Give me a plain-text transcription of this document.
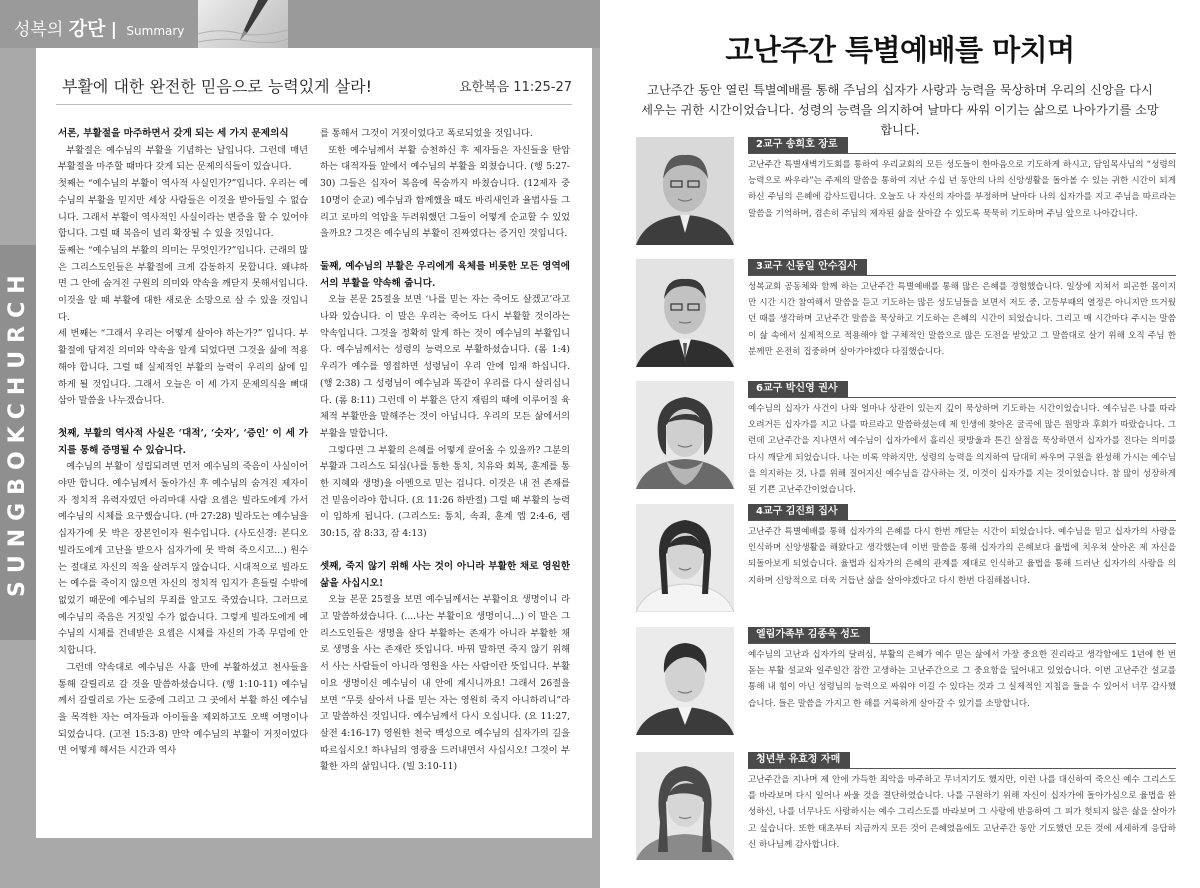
성복의 강단 | Summary
SUNGBOKCHURCH
부활에 대한 완전한 믿음으로 능력있게 살라!	요한복음 11:25-27
서론, 부활절을 마주하면서 갖게 되는 세 가지 문제의식

부활절은 예수님의 부활을 기념하는 날입니다. 그런데 매년 부활절을 마주할 때마다 갖게 되는 문제의식들이 있습니다.

첫째는 “예수님의 부활이 역사적 사실인가?”입니다. 우리는 예수님의 부활을 믿지만 세상 사람들은 이것을 받아들일 수 없습니다. 그래서 부활이 역사적인 사실이라는 변증을 할 수 있어야 합니다. 그럴 때 복음이 널리 확장될 수 있을 것입니다.

둘째는 “예수님의 부활의 의미는 무엇인가?”입니다. 근래의 많은 그리스도인들은 부활절에 크게 감동하지 못합니다. 왜냐하면 그 안에 숨겨진 구원의 의미와 약속을 깨닫지 못해서입니다. 이것을 알 때 부활에 대한 새로운 소망으로 살 수 있을 것입니다.

세 번째는 “그래서 우리는 어떻게 살아야 하는가?” 입니다. 부활절에 답져진 의미와 약속을 알게 되었다면 그것을 삶에 적용해야 합니다. 그럴 때 실제적인 부활의 능력이 우리의 삶에 임하게 될 것입니다. 그래서 오늘은 이 세 가지 문제의식을 뼈대 삼아 말씀을 나누겠습니다.

첫째, 부활의 역사적 사실은 ‘대적’, ‘숫자’, ‘증인’ 이 세 가지를 통해 증명될 수 있습니다.

예수님의 부활이 성립되려면 먼저 예수님의 죽음이 사실이어야만 합니다. 예수님께서 돌아가신 후 예수님의 숨겨진 제자이자 정치적 유력자였던 아리마대 사람 요셉은 빌라도에게 가서 예수님의 시체를 요구했습니다. (마 27:28) 빌라도는 예수님을 십자가에 못 박은 장본인이자 원수입니다. (사도신경: 본디오 빌라도에게 고난을 받으사 십자가에 못 박혀 죽으시고...) 원수는 절대로 자신의 적을 살려두지 않습니다. 시대적으로 빌라도는 예수를 죽이지 않으면 자신의 정치적 입지가 흔들릴 수밖에 없었기 때문에 예수님의 무죄를 알고도 죽였습니다. 그러므로 예수님의 죽음은 거짓일 수가 없습니다. 그렇게 빌라도에게 예수님의 시체를 건네받은 요셉은 시체를 자신의 가족 무덤에 안치합니다.

그런데 약속대로 예수님은 사흘 만에 부활하셨고 천사들을 통해 갈릴리로 갈 것을 말씀하셨습니다. (행 1:10-11) 예수님께서 갈릴리로 가는 도중에 그리고 그 곳에서 부활 하신 예수님을 목격한 자는 여자들과 아이들을 제외하고도 오백 여명이나 되었습니다. (고전 15:3-8) 만약 예수님의 부활이 거짓이었다면 어떻게 해서든 시간과 역사

를 통해서 그것이 거짓이었다고 폭로되었을 것입니다.

또한 예수님께서 부활 승천하신 후 제자들은 자신들을 탄압하는 대적자들 앞에서 예수님의 부활을 외쳤습니다. (행 5:27-30) 그들은 십자어 복음에 목숨까지 바쳤습니다. (12제자 중 10명이 순교) 예수님과 함께했을 때도 바리새인과 율법사들 그리고 로마의 억압을 두려워했던 그들이 어떻게 순교할 수 있었을까요? 그것은 예수님의 부활이 진짜였다는 증거인 것입니다.

둘째, 예수님의 부활은 우리에게 육체를 비롯한 모든 영역에서의 부활을 약속해 줍니다.

오늘 본문 25절을 보면 ‘나를 믿는 자는 죽어도 살겠고’라고 나와 있습니다. 이 말은 우리는 죽어도 다시 부활할 것이라는 약속입니다. 그것을 정확히 알게 하는 것이 예수님의 부활입니다. 예수님께서는 성령의 능력으로 부활하셨습니다. (롬 1:4) 우리가 예수를 영접하면 성령님이 우리 안에 임재 하십니다. (행 2:38) 그 성령님이 예수님과 똑같이 우리를 다시 살리십니다. (롬 8:11) 그런데 이 부활은 단지 재림의 때에 이루어질 육체적 부활만을 말해주는 것이 아닙니다. 우리의 모든 삶에서의 부활을 말합니다.

그렇다면 그 부활의 은혜를 어떻게 끌어올 수 있을까? 그분의 부활과 그리스도 되심(나를 통한 통치, 치유와 회복, 훈계를 통한 지혜와 생명)을 아멘으로 믿는 겁니다. 이것은 내 전 존재를 건 믿음이라야 합니다. (요 11:26 하반절) 그럴 때 부활의 능력이 임하게 됩니다. (그리스도: 통치, 속죄, 훈계 엡 2:4-6, 렘 30:15, 잠 8:33, 잠 4:13)

셋째, 죽지 않기 위해 사는 것이 아니라 부활한 채로 영원한 삶을 사십시오!

오늘 본문 25절을 보면 예수님께서는 부활이요 생명이니 라고 말씀하셨습니다. (....나는 부활이요 생명이니...) 이 말은 그리스도인들은 생명을 살다 부활하는 존재가 아니라 부활한 채로 생명을 사는 존재란 뜻입니다. 바꿔 말하면 죽지 않기 위해서 사는 사람들이 아니라 영원을 사는 사람이란 뜻입니다. 부활이요 생명이신 예수님이 내 안에 계시니까요! 그래서 26절을 보면 “무릇 살아서 나를 믿는 자는 영원히 죽지 아니하리니”라고 말씀하신 것입니다. 예수님께서 다시 오십니다. (요 11:27, 살전 4:16-17) 영원한 천국 백성으로 예수님의 십자가의 길을 따르십시오! 하나님의 영광을 드러내면서 사십시오! 그것이 부활한 자의 삶입니다. (빌 3:10-11)

고난주간 특별예배를 마치며
고난주간 동안 열린 특별예배를 통해 주님의 십자가 사랑과 능력을 묵상하며 우리의 신앙을 다시 세우는 귀한 시간이었습니다. 성령의 능력을 의지하여 날마다 싸워 이기는 삶으로 나아가기를 소망합니다.
2교구 송희호 장로
고난주간 특별새벽기도회를 통하여 우리교회의 모든 성도들이 한마음으로 기도하게 하시고, 담임목사님의 “성령의 능력으로 싸우라”는 주제의 말씀을 통하여 지난 수십 년 동안의 나의 신앙생활을 돌아볼 수 있는 귀한 시간이 되게 하신 주님의 은혜에 감사드립니다. 오늘도 나 자신의 자아를 부정하며 날마다 나의 십자가를 지고 주님을 따르라는 말씀을 기억하며, 겸손히 주님의 제자된 삶을 살아갈 수 있도록 묵묵히 기도하며 주님 앞으로 나아갑니다.
3교구 신동일 안수집사
성복교회 공동체와 함께 하는 고난주간 특별예배를 통해 많은 은혜를 경험했습니다. 일상에 지쳐서 피곤한 몸이지만 시간 시간 참여해서 말씀을 듣고 기도하는 많은 성도님들을 보면서 저도 중, 고등부때의 열정은 아니지만 뜨거웠던 때를 생각하며 고난주간 말씀을 묵상하고 기도하는 은혜의 시간이 되었습니다. 그리고 매 시간마다 주시는 말씀이 삶 속에서 실제적으로 적용해야 할 구체적인 말씀으로 많은 도전을 받았고 그 말씀대로 살기 위해 오직 주님 한 분께만 온전히 집중하며 살아가야겠다 다짐했습니다.
6교구 박신영 권사
예수님의 십자가 사건이 나와 얼마나 상관이 있는지 깊이 묵상하며 기도하는 시간이었습니다. 예수님은 나를 따라오려거든 십자가를 지고 나를 따르라고 말씀하셨는데 제 인생에 찾아온 굴곡에 많은 원망과 후회가 따랐습니다. 그런데 고난주간을 지나면서 예수님이 십자가에서 흘리신 핏방울과 튼긴 살점을 묵상하면서 십자가를 진다는 의미를 다시 깨닫게 되었습니다. 나는 비록 약하지만, 성령의 능력을 의지하여 담대히 싸우며 구원을 완성해 가시는 예수님을 의지하는 것, 나를 위해 질어지신 예수님을 감사하는 것, 이것이 십자가를 지는 것이었습니다. 참 많이 성장하게 된 기쁜 고난주간이었습니다.
4교구 김진희 집사
고난주간 특별예배를 통해 십자가의 은혜를 다시 한번 깨닫는 시간이 되었습니다. 예수님을 믿고 십자가의 사랑을 인식하며 신앙생활을 해왔다고 생각했는데 이번 말씀을 통해 십자가의 은혜보다 율법에 치우쳐 살아온 제 자신을 되돌아보게 되었습니다. 율법과 십자가의 은혜의 관계를 제대로 인식하고 율법을 통해 드러난 십자가의 사랑을 의지하며 신앙적으로 더욱 거듭난 삶을 살아야겠다고 다시 한번 다짐해봅니다.
엘림가족부 김종욱 성도
예수님의 고난과 십자가의 달려심, 부활의 은혜가 예수 믿는 삶에서 가장 중요한 진리라고 생각함에도 1년에 한 번 돋는 부활 설교와 일주일간 잠깐 고생하는 고난주간으로 그 중요함을 덮어내고 있었습니다. 이번 고난주간 설교를 통해 내 힘이 아닌 성령님의 능력으로 싸워야 이길 수 있다는 것과 그 실제적인 지침을 들을 수 있어서 너무 감사했습니다. 들은 말씀을 가지고 한 해를 거룩하게 살아갈 수 있기를 소망합니다.
청년부 유효정 자매
고난주간을 지나며 제 안에 가득한 죄악을 마주하고 무너지기도 했지만, 이런 나를 대신하여 죽으신 예수 그리스도를 바라보며 다시 일어나 싸울 것을 결단하였습니다. 나를 구원하기 위해 자신이 십자가에 돌아가심으로 율법을 완성하신, 나를 너무나도 사랑하시는 예수 그리스도를 바라보며 그 사랑에 반응하여 그 피가 헛되지 않은 삶을 살아가고 싶습니다. 또한 태초부터 지금까지 모든 것이 은혜였음에도 고난주간 동안 기도했던 모든 것에 세세하게 응답하신 하나님께 감사합니다.
